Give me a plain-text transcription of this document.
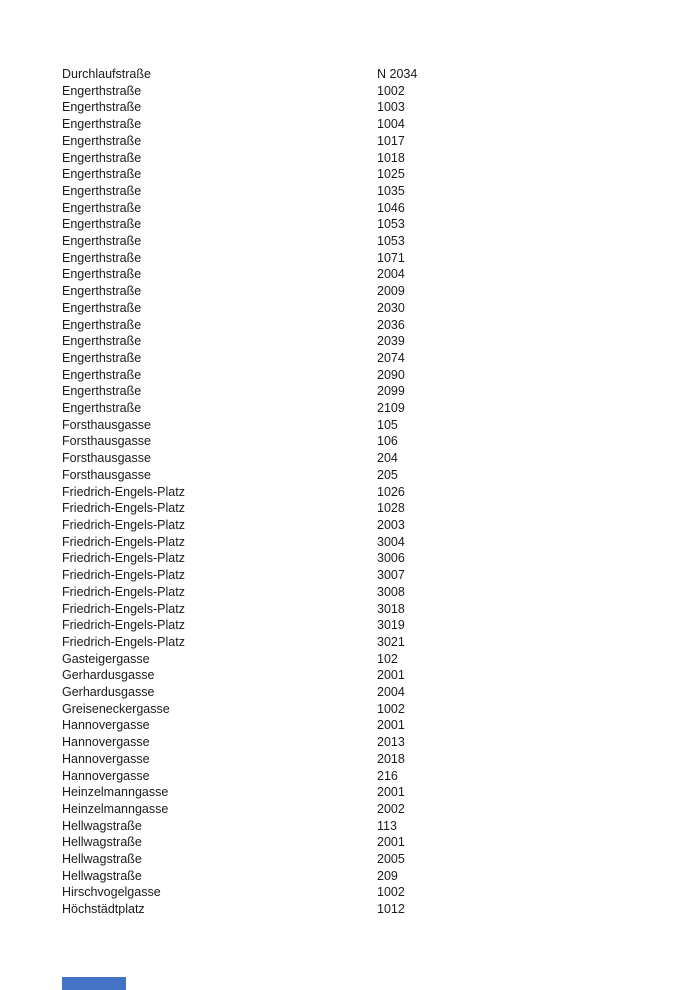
Durchlaufstraße	N 2034
Engerthstraße	1002
Engerthstraße	1003
Engerthstraße	1004
Engerthstraße	1017
Engerthstraße	1018
Engerthstraße	1025
Engerthstraße	1035
Engerthstraße	1046
Engerthstraße	1053
Engerthstraße	1053
Engerthstraße	1071
Engerthstraße	2004
Engerthstraße	2009
Engerthstraße	2030
Engerthstraße	2036
Engerthstraße	2039
Engerthstraße	2074
Engerthstraße	2090
Engerthstraße	2099
Engerthstraße	2109
Forsthausgasse	105
Forsthausgasse	106
Forsthausgasse	204
Forsthausgasse	205
Friedrich-Engels-Platz	1026
Friedrich-Engels-Platz	1028
Friedrich-Engels-Platz	2003
Friedrich-Engels-Platz	3004
Friedrich-Engels-Platz	3006
Friedrich-Engels-Platz	3007
Friedrich-Engels-Platz	3008
Friedrich-Engels-Platz	3018
Friedrich-Engels-Platz	3019
Friedrich-Engels-Platz	3021
Gasteigergasse	102
Gerhardusgasse	2001
Gerhardusgasse	2004
Greiseneckergasse	1002
Hannovergasse	2001
Hannovergasse	2013
Hannovergasse	2018
Hannovergasse	216
Heinzelmanngasse	2001
Heinzelmanngasse	2002
Hellwagstraße	113
Hellwagstraße	2001
Hellwagstraße	2005
Hellwagstraße	209
Hirschvogelgasse	1002
Höchstädtplatz	1012
